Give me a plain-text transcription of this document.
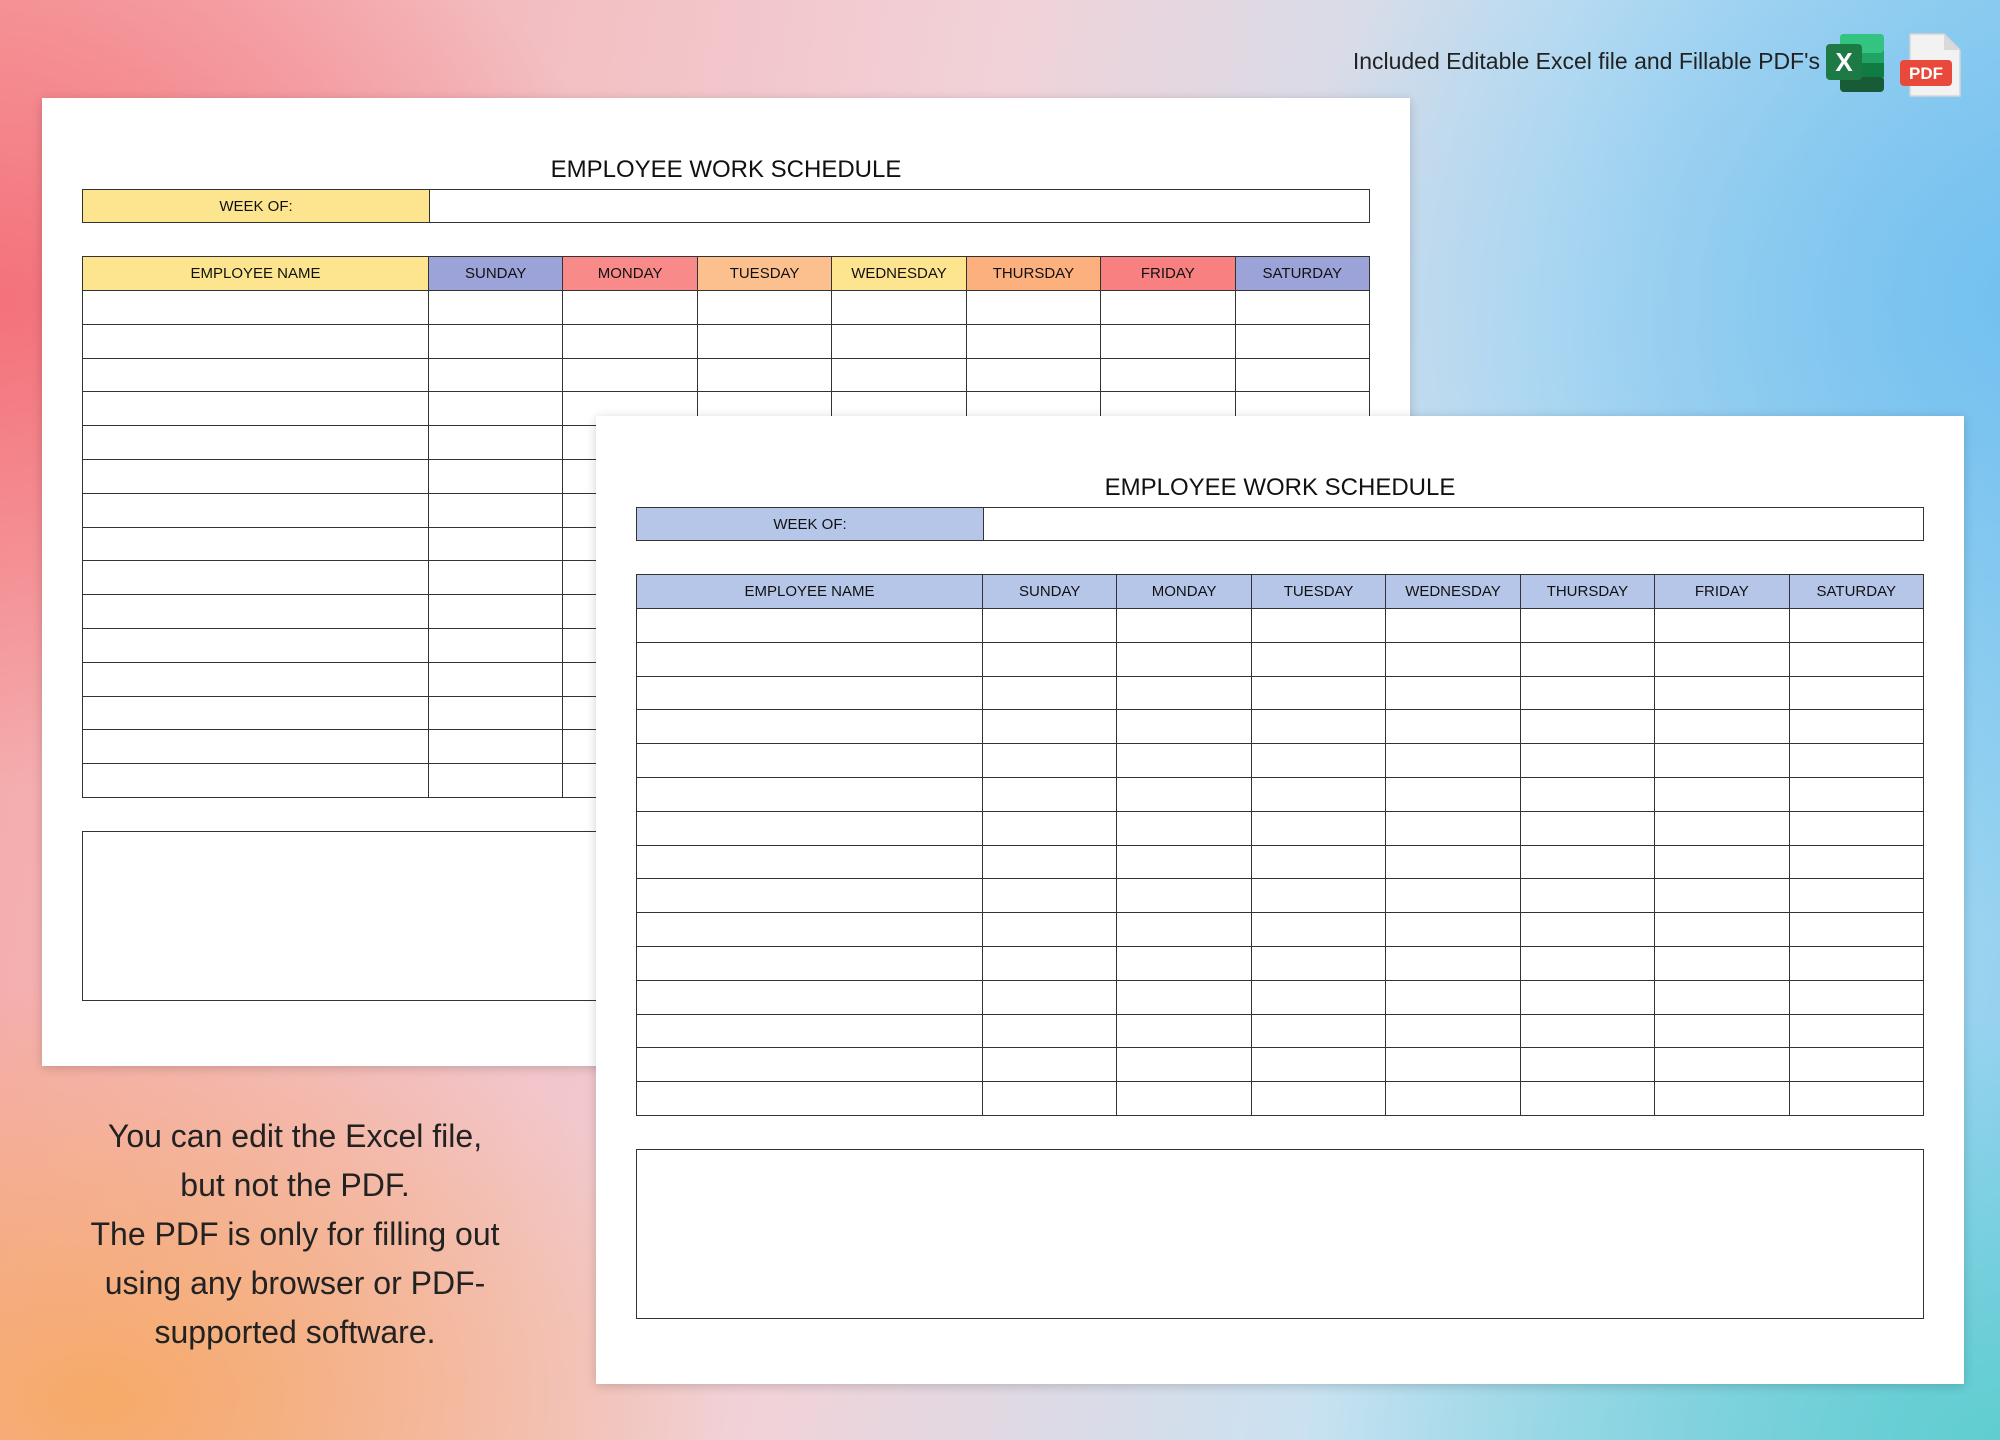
Included Editable Excel file and Fillable PDF's X	PDF
EMPLOYEE WORK SCHEDULE
WEEK OF:
EMPLOYEE NAME	SUNDAY	MONDAY	TUESDAY	WEDNESDAY	THURSDAY	FRIDAY	SATURDAY

EMPLOYEE WORK SCHEDULE
WEEK OF:
EMPLOYEE NAME	SUNDAY	MONDAY	TUESDAY	WEDNESDAY	THURSDAY	FRIDAY	SATURDAY

You can edit the Excel file,
but not the PDF.
The PDF is only for filling out
using any browser or PDF-
supported software.
